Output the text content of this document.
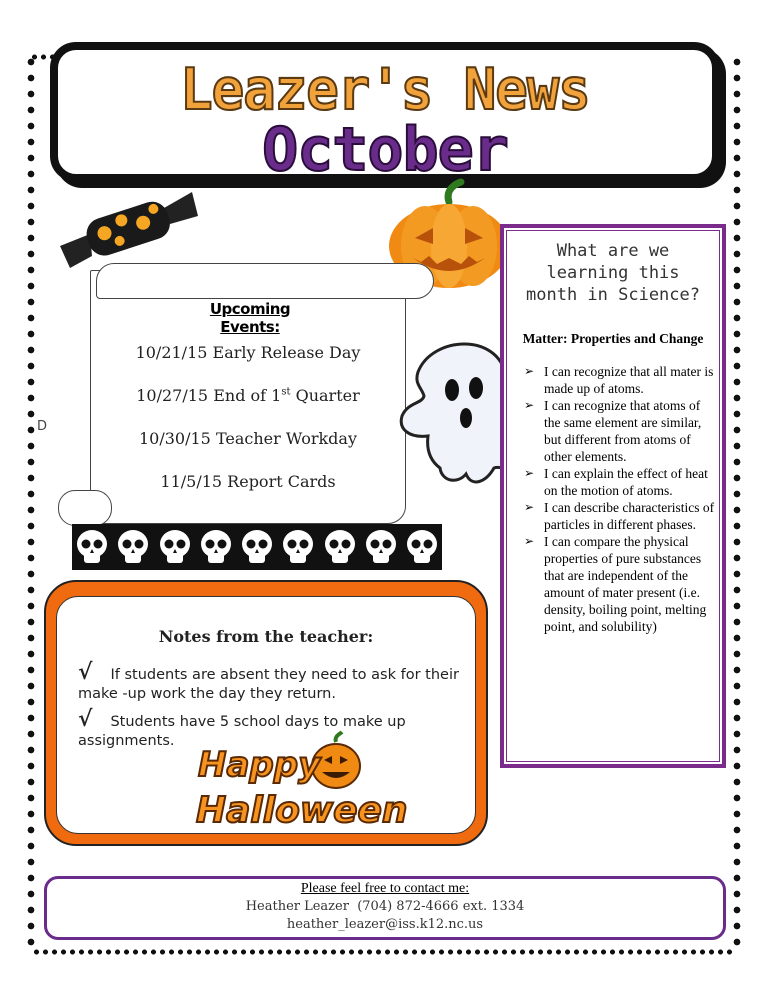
Leazer's News
October
Upcoming Events:
10/21/15 Early Release Day
10/27/15 End of 1st Quarter
10/30/15 Teacher Workday
11/5/15 Report Cards
D
Notes from the teacher:
√ If students are absent they need to ask for their make -up work the day they return.
√ Students have 5 school days to make up assignments.
Happy
Halloween
What are we learning this month in Science?
Matter: Properties and Change
➢ I can recognize that all mater is made up of atoms.
➢ I can recognize that atoms of the same element are similar, but different from atoms of other elements.
➢ I can explain the effect of heat on the motion of atoms.
➢ I can describe characteristics of particles in different phases.
➢ I can compare the physical properties of pure substances that are independent of the amount of mater present (i.e. density, boiling point, melting point, and solubility)
Please feel free to contact me:
Heather Leazer  (704) 872-4666 ext. 1334
heather_leazer@iss.k12.nc.us
